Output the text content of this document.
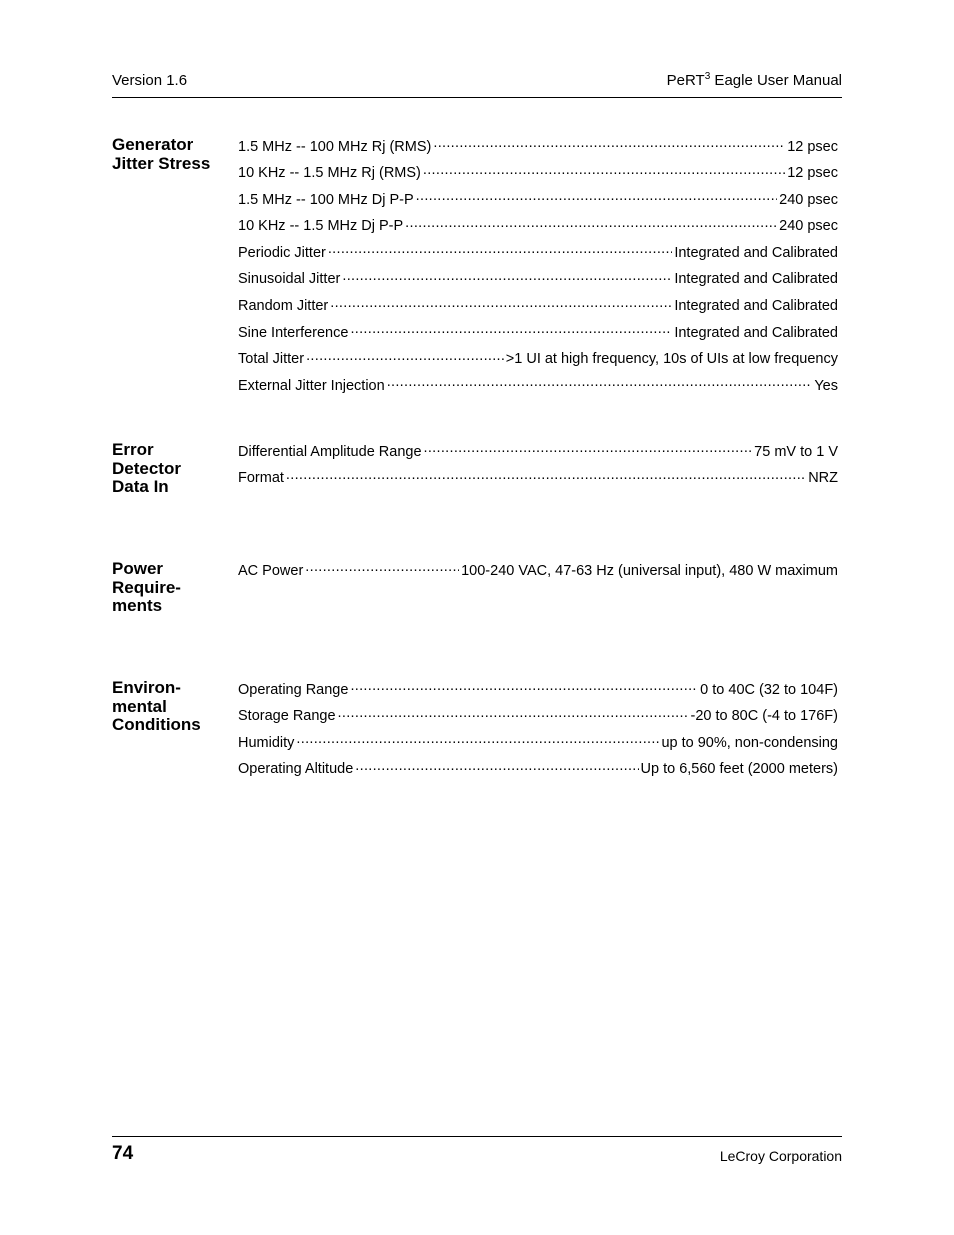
Version 1.6	PeRT$^3$ Eagle User Manual
Generator
Jitter Stress
1.5 MHz -- 100 MHz Rj (RMS) .....	12 psec
10 KHz -- 1.5 MHz Rj (RMS) .....	12 psec
1.5 MHz -- 100 MHz Dj P-P .....	240 psec
10 KHz -- 1.5 MHz Dj P-P .....	240 psec
Periodic Jitter .....	Integrated and Calibrated
Sinusoidal Jitter .....	Integrated and Calibrated
Random Jitter .....	Integrated and Calibrated
Sine Interference .....	Integrated and Calibrated
Total Jitter .....	>1 UI at high frequency, 10s of UIs at low frequency
External Jitter Injection .....	Yes
Error
Detector
Data In
Differential Amplitude Range .....	75 mV to 1 V
Format .....	NRZ
Power
Require-
ments
AC Power .....	100-240 VAC, 47-63 Hz (universal input), 480 W maximum
Environ-
mental
Conditions
Operating Range .....	0 to 40C (32 to 104F)
Storage Range .....	-20 to 80C (-4 to 176F)
Humidity .....	up to 90%, non-condensing
Operating Altitude .....	Up to 6,560 feet (2000 meters)
74	LeCroy Corporation
